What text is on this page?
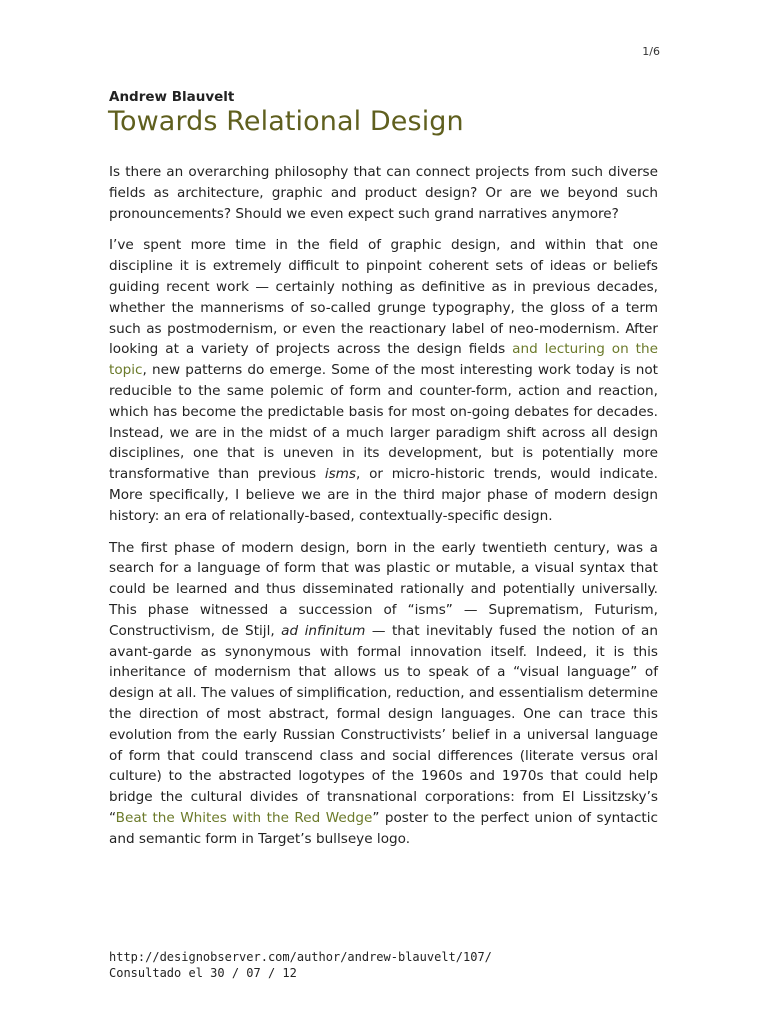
1/6
Andrew Blauvelt
Towards Relational Design

Is there an overarching philosophy that can connect projects from such diverse fields as architecture, graphic and product design? Or are we beyond such pronouncements? Should we even expect such grand narratives anymore?

I’ve spent more time in the field of graphic design, and within that one discipline it is extremely difficult to pinpoint coherent sets of ideas or beliefs guiding recent work — certainly nothing as definitive as in previous decades, whether the mannerisms of so-called grunge typography, the gloss of a term such as postmodernism, or even the reactionary label of neo-modernism. After looking at a variety of projects across the design fields and lecturing on the topic, new patterns do emerge. Some of the most interesting work today is not reducible to the same polemic of form and counter-form, action and reaction, which has become the predictable basis for most on-going debates for decades. Instead, we are in the midst of a much larger paradigm shift across all design disciplines, one that is uneven in its development, but is potentially more transformative than previous isms, or micro-historic trends, would indicate. More specifically, I believe we are in the third major phase of modern design history: an era of relationally-based, contextually-specific design.

The first phase of modern design, born in the early twentieth century, was a search for a language of form that was plastic or mutable, a visual syntax that could be learned and thus disseminated rationally and potentially universally. This phase witnessed a succession of “isms” — Suprematism, Futurism, Constructivism, de Stijl, ad infinitum — that inevitably fused the notion of an avant-garde as synonymous with formal innovation itself. Indeed, it is this inheritance of modernism that allows us to speak of a “visual language” of design at all. The values of simplification, reduction, and essentialism determine the direction of most abstract, formal design languages. One can trace this evolution from the early Russian Constructivists’ belief in a universal language of form that could transcend class and social differences (literate versus oral culture) to the abstracted logotypes of the 1960s and 1970s that could help bridge the cultural divides of transnational corporations: from El Lissitzsky’s “Beat the Whites with the Red Wedge” poster to the perfect union of syntactic and semantic form in Target’s bullseye logo.

http://designobserver.com/author/andrew-blauvelt/107/
Consultado el 30 / 07 / 12
